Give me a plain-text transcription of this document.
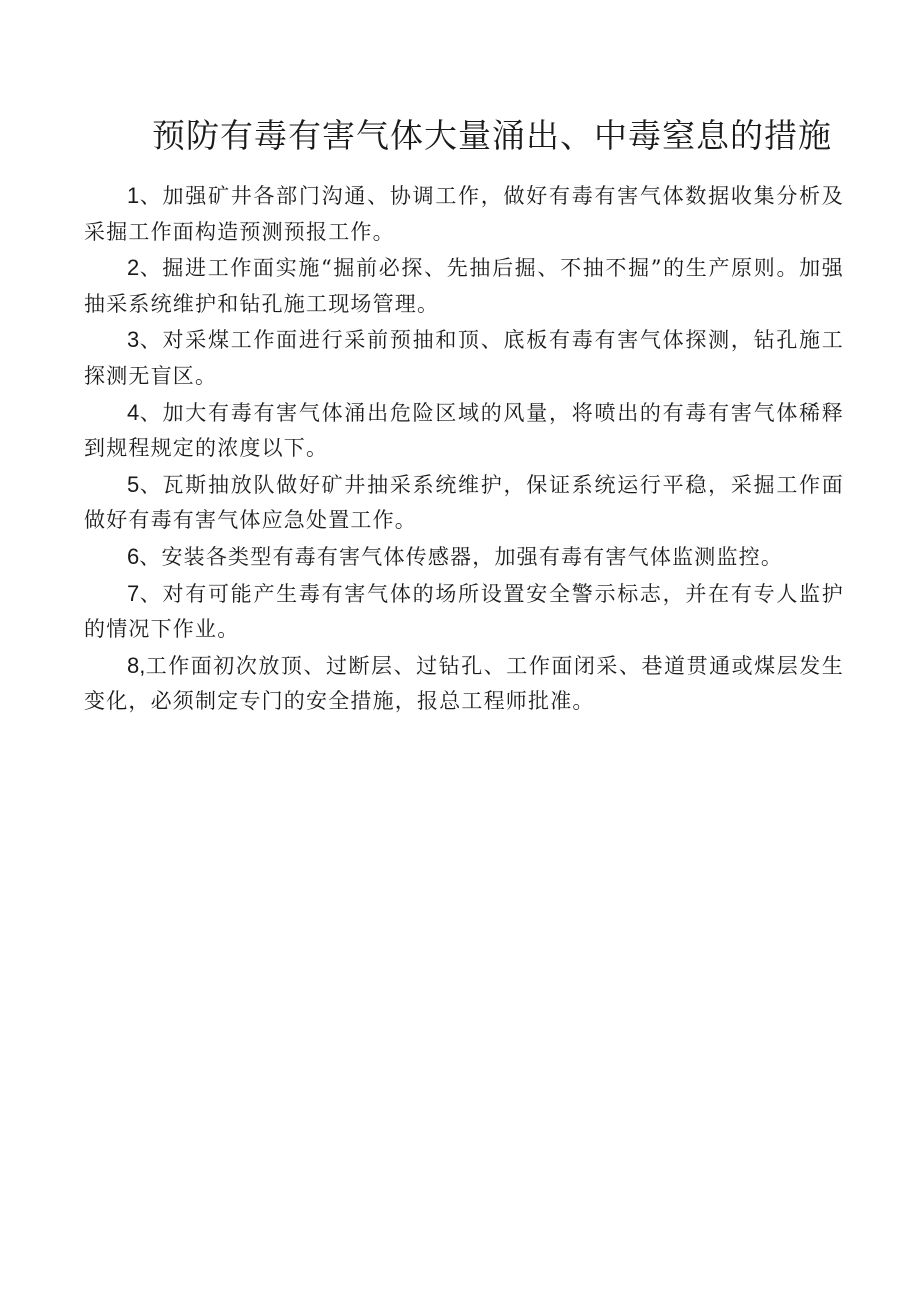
预防有毒有害气体大量涌出、中毒窒息的措施

1、加强矿井各部门沟通、协调工作，做好有毒有害气体数据收集分析及采掘工作面构造预测预报工作。

2、掘进工作面实施“掘前必探、先抽后掘、不抽不掘”的生产原则。加强抽采系统维护和钻孔施工现场管理。

3、对采煤工作面进行采前预抽和顶、底板有毒有害气体探测，钻孔施工探测无盲区。

4、加大有毒有害气体涌出危险区域的风量，将喷出的有毒有害气体稀释到规程规定的浓度以下。

5、瓦斯抽放队做好矿井抽采系统维护，保证系统运行平稳，采掘工作面做好有毒有害气体应急处置工作。

6、安装各类型有毒有害气体传感器，加强有毒有害气体监测监控。

7、对有可能产生毒有害气体的场所设置安全警示标志，并在有专人监护的情况下作业。

8,工作面初次放顶、过断层、过钻孔、工作面闭采、巷道贯通或煤层发生变化，必须制定专门的安全措施，报总工程师批准。
